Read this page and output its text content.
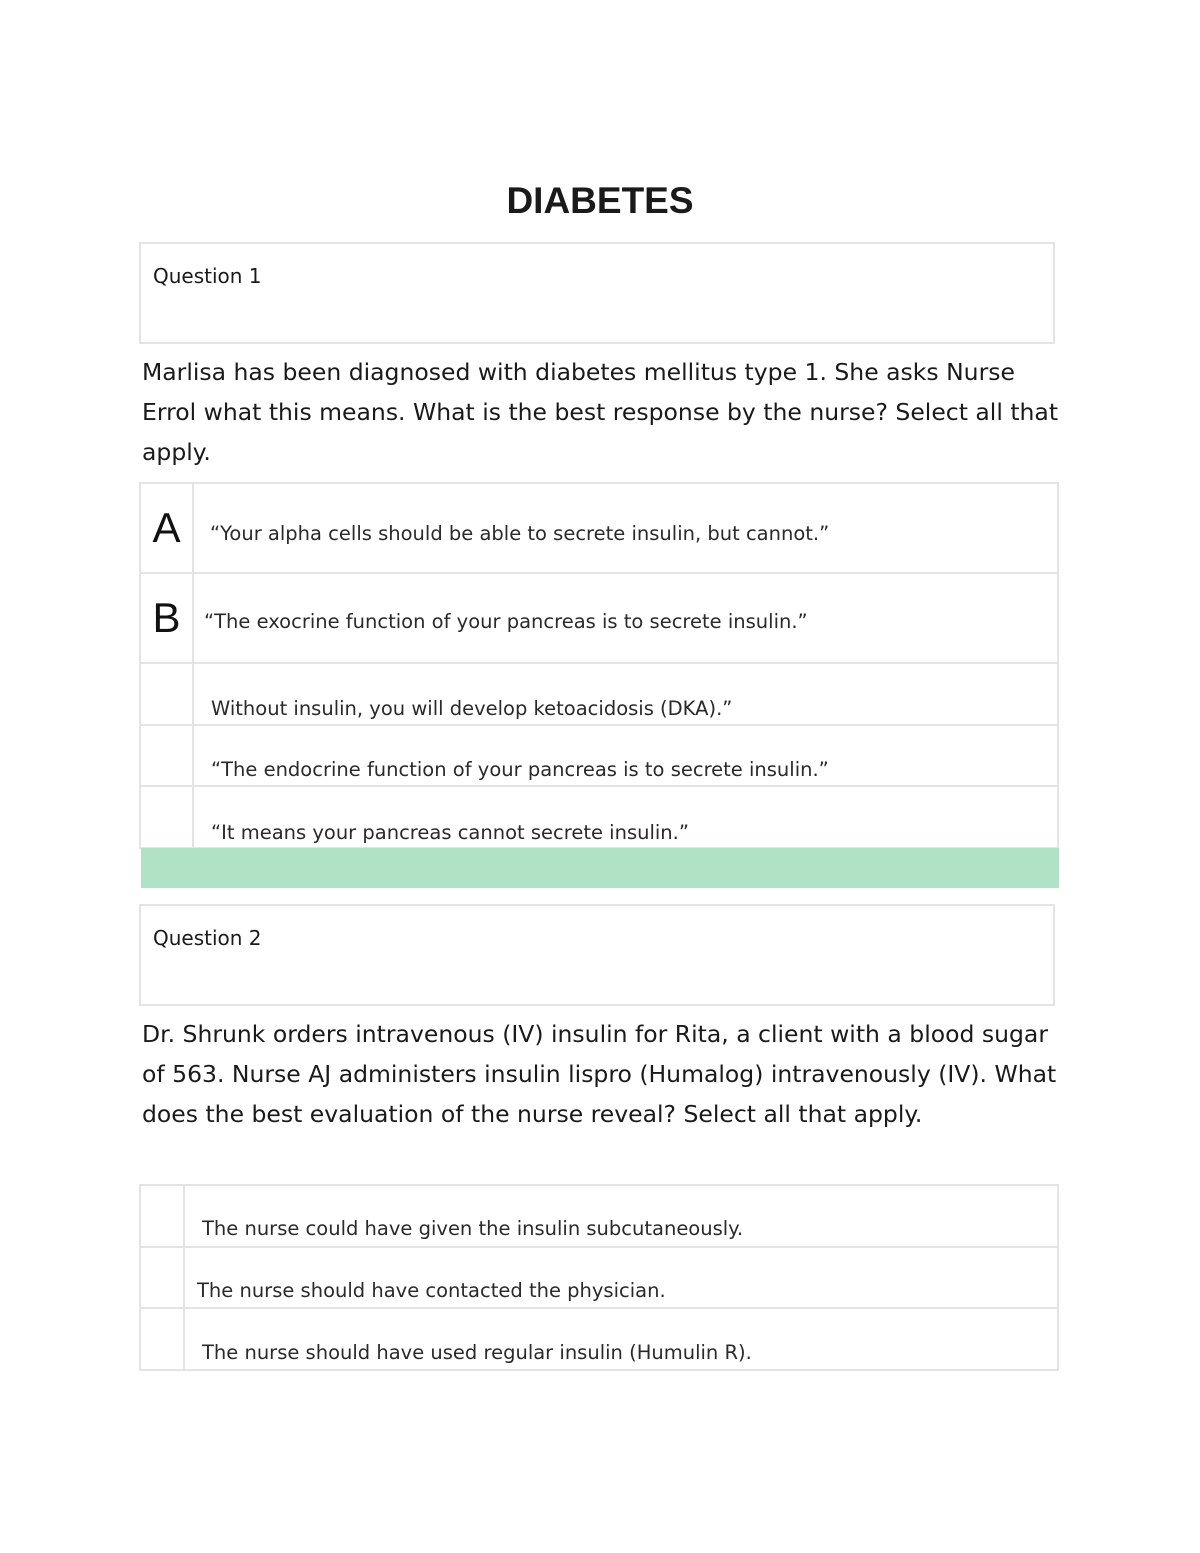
DIABETES
Question 1

Marlisa has been diagnosed with diabetes mellitus type 1. She asks Nurse Errol what this means. What is the best response by the nurse? Select all that apply.

A	“Your alpha cells should be able to secrete insulin, but cannot.”
B	“The exocrine function of your pancreas is to secrete insulin.”
	Without insulin, you will develop ketoacidosis (DKA).”
	“The endocrine function of your pancreas is to secrete insulin.”
	“It means your pancreas cannot secrete insulin.”
Question 2

Dr. Shrunk orders intravenous (IV) insulin for Rita, a client with a blood sugar of 563. Nurse AJ administers insulin lispro (Humalog) intravenously (IV). What does the best evaluation of the nurse reveal? Select all that apply.

	The nurse could have given the insulin subcutaneously.
	The nurse should have contacted the physician.
	The nurse should have used regular insulin (Humulin R).
